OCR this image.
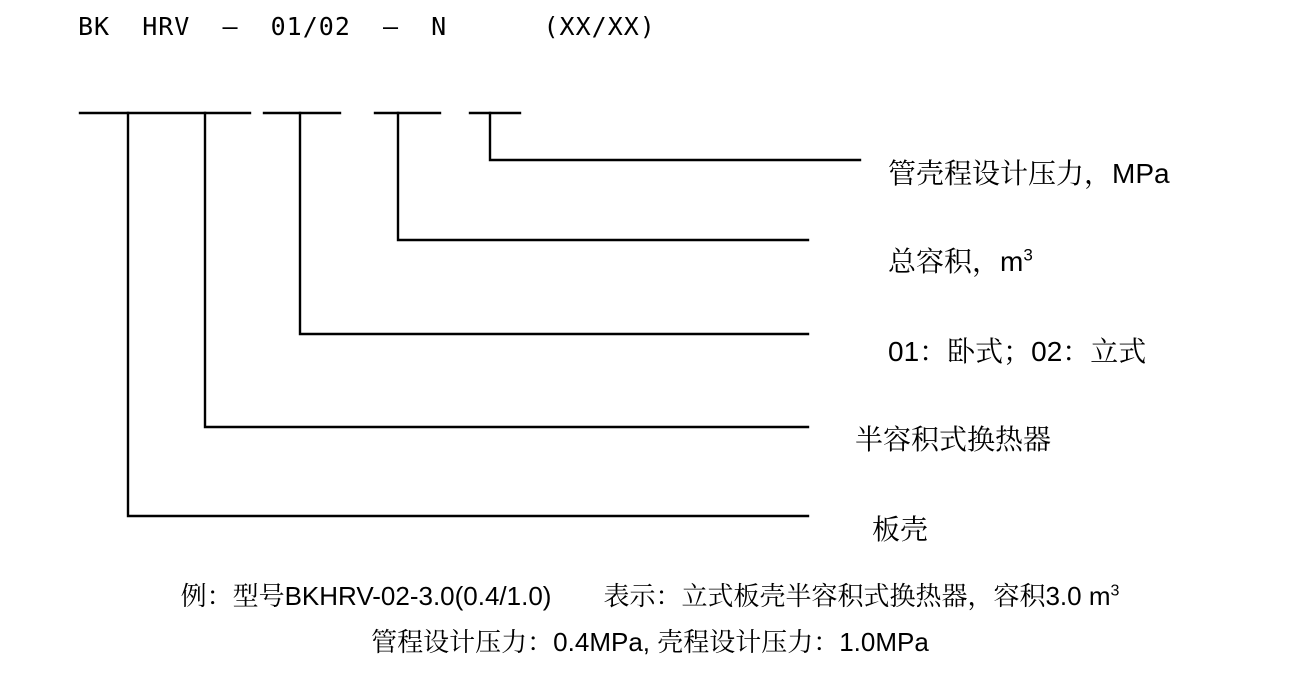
BK  HRV  –  01/02  –  N      (XX/XX)
管壳程设计压力，MPa
总容积，$m^3$
01：卧式；02：立式
半容积式换热器
板壳
例：型号BKHRV-02-3.0(0.4/1.0)　　表示：立式板壳半容积式换热器，容积3.0 $m^3$
管程设计压力：0.4MPa, 壳程设计压力：1.0MPa
